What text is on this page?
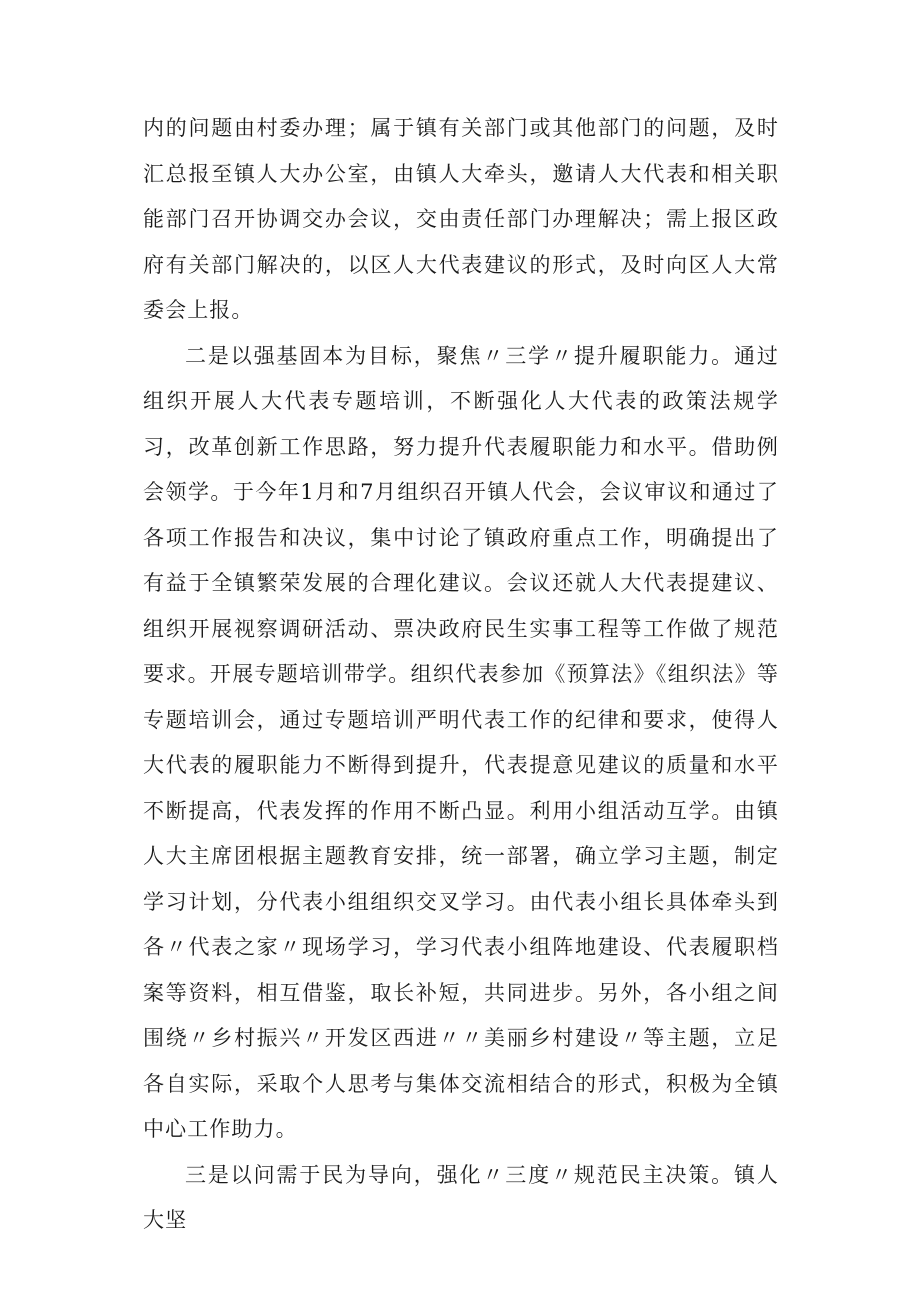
内的问题由村委办理；属于镇有关部门或其他部门的问题，及时汇总报至镇人大办公室，由镇人大牵头，邀请人大代表和相关职能部门召开协调交办会议，交由责任部门办理解决；需上报区政府有关部门解决的，以区人大代表建议的形式，及时向区人大常委会上报。

二是以强基固本为目标，聚焦〃三学〃提升履职能力。通过组织开展人大代表专题培训，不断强化人大代表的政策法规学习，改革创新工作思路，努力提升代表履职能力和水平。借助例会领学。于今年1月和7月组织召开镇人代会，会议审议和通过了各项工作报告和决议，集中讨论了镇政府重点工作，明确提出了有益于全镇繁荣发展的合理化建议。会议还就人大代表提建议、组织开展视察调研活动、票决政府民生实事工程等工作做了规范要求。开展专题培训带学。组织代表参加《预算法》《组织法》等专题培训会，通过专题培训严明代表工作的纪律和要求，使得人大代表的履职能力不断得到提升，代表提意见建议的质量和水平不断提高，代表发挥的作用不断凸显。利用小组活动互学。由镇人大主席团根据主题教育安排，统一部署，确立学习主题，制定学习计划，分代表小组组织交叉学习。由代表小组长具体牵头到各〃代表之家〃现场学习，学习代表小组阵地建设、代表履职档案等资料，相互借鉴，取长补短，共同进步。另外，各小组之间围绕〃乡村振兴〃开发区西进〃〃美丽乡村建设〃等主题，立足各自实际，采取个人思考与集体交流相结合的形式，积极为全镇中心工作助力。

三是以问需于民为导向，强化〃三度〃规范民主决策。镇人大坚
